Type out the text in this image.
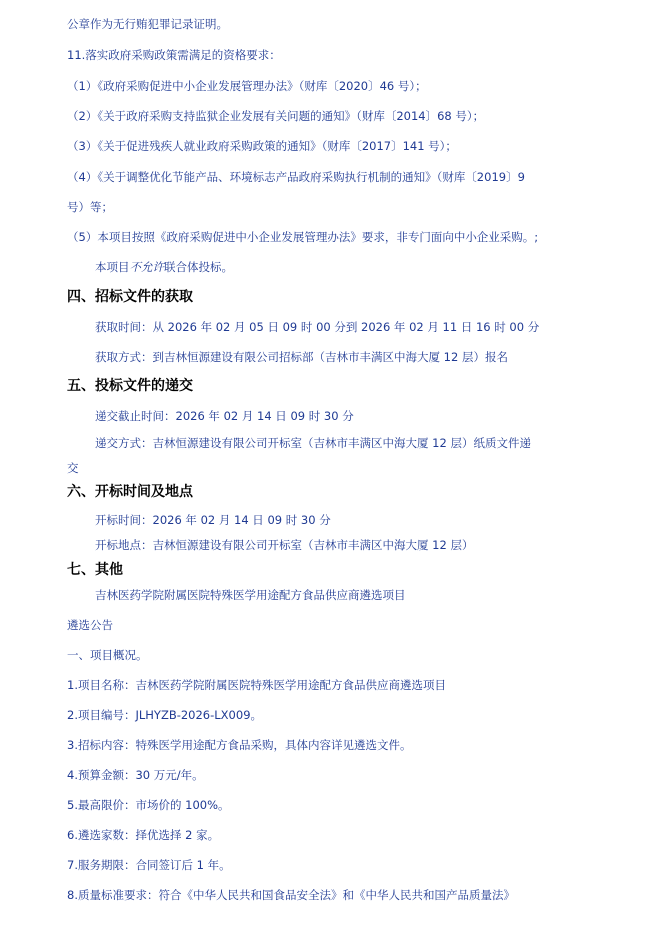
公章作为无行贿犯罪记录证明。
11.落实政府采购政策需满足的资格要求：
（1）《政府采购促进中小企业发展管理办法》（财库〔2020〕46 号）；
（2）《关于政府采购支持监狱企业发展有关问题的通知》（财库〔2014〕68 号）；
（3）《关于促进残疾人就业政府采购政策的通知》（财库〔2017〕141 号）；
（4）《关于调整优化节能产品、环境标志产品政府采购执行机制的通知》（财库〔2019〕9
号）等；
（5）本项目按照《政府采购促进中小企业发展管理办法》要求，非专门面向中小企业采购。;
本项目不允许联合体投标。
四、招标文件的获取
获取时间：从 2026 年 02 月 05 日 09 时 00 分到 2026 年 02 月 11 日 16 时 00 分
获取方式：到吉林恒源建设有限公司招标部（吉林市丰满区中海大厦 12 层）报名
五、投标文件的递交
递交截止时间：2026 年 02 月 14 日 09 时 30 分
递交方式：吉林恒源建设有限公司开标室（吉林市丰满区中海大厦 12 层）纸质文件递
交
六、开标时间及地点
开标时间：2026 年 02 月 14 日 09 时 30 分
开标地点：吉林恒源建设有限公司开标室（吉林市丰满区中海大厦 12 层）
七、其他
吉林医药学院附属医院特殊医学用途配方食品供应商遴选项目
遴选公告
一、项目概况。
1.项目名称：吉林医药学院附属医院特殊医学用途配方食品供应商遴选项目
2.项目编号：JLHYZB-2026-LX009。
3.招标内容：特殊医学用途配方食品采购，具体内容详见遴选文件。
4.预算金额：30 万元/年。
5.最高限价：市场价的 100%。
6.遴选家数：择优选择 2 家。
7.服务期限：合同签订后 1 年。
8.质量标准要求：符合《中华人民共和国食品安全法》和《中华人民共和国产品质量法》
